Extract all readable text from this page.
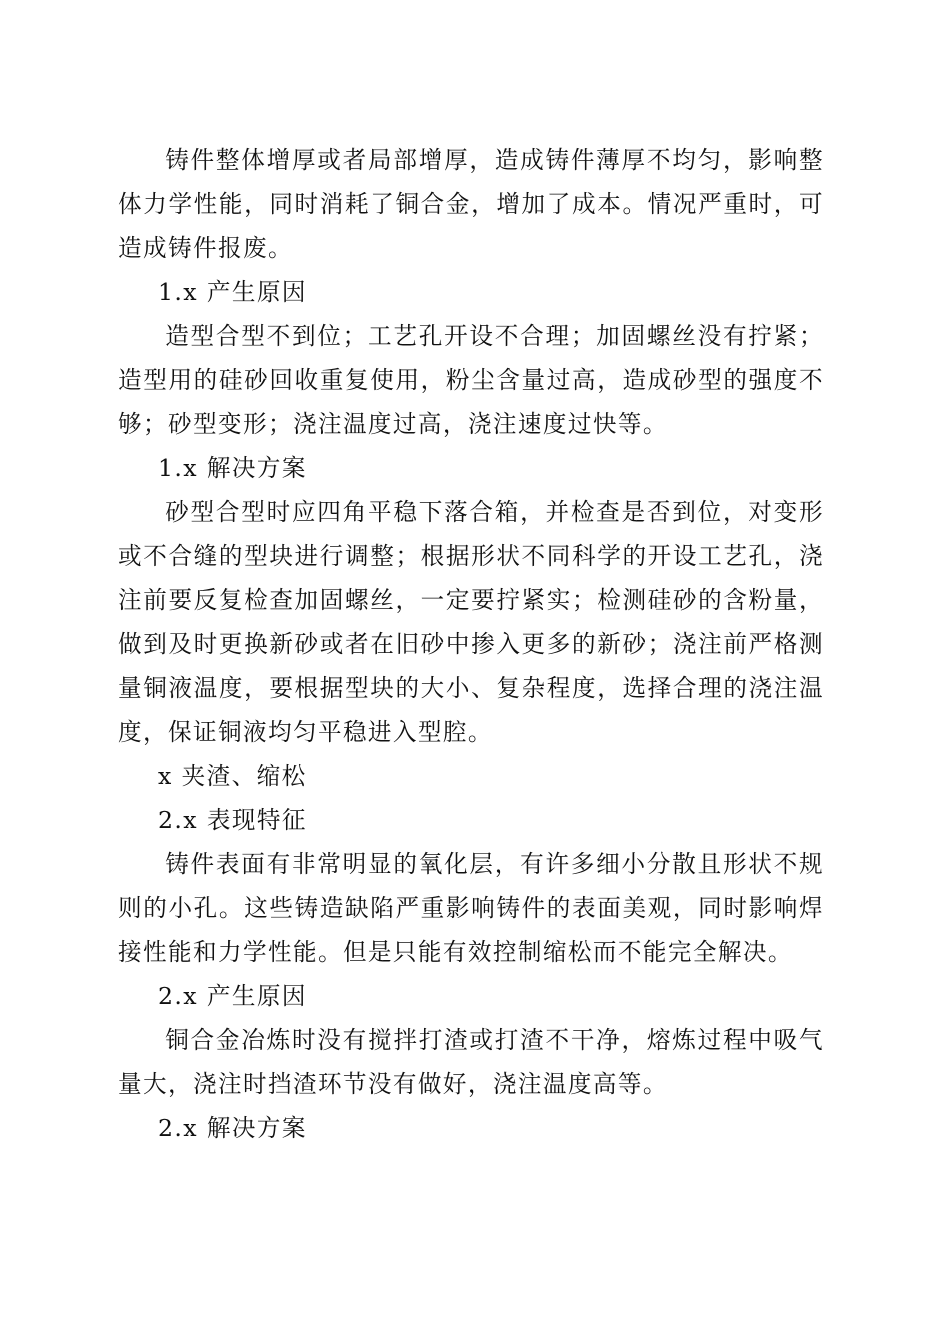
铸件整体增厚或者局部增厚，造成铸件薄厚不均匀，影响整体力学性能，同时消耗了铜合金，增加了成本。情况严重时，可造成铸件报废。

1.x 产生原因

造型合型不到位；工艺孔开设不合理；加固螺丝没有拧紧；造型用的硅砂回收重复使用，粉尘含量过高，造成砂型的强度不够；砂型变形；浇注温度过高，浇注速度过快等。

1.x 解决方案

砂型合型时应四角平稳下落合箱，并检查是否到位，对变形或不合缝的型块进行调整；根据形状不同科学的开设工艺孔，浇注前要反复检查加固螺丝，一定要拧紧实；检测硅砂的含粉量，做到及时更换新砂或者在旧砂中掺入更多的新砂；浇注前严格测量铜液温度，要根据型块的大小、复杂程度，选择合理的浇注温度，保证铜液均匀平稳进入型腔。

x 夹渣、缩松

2.x 表现特征

铸件表面有非常明显的氧化层，有许多细小分散且形状不规则的小孔。这些铸造缺陷严重影响铸件的表面美观，同时影响焊接性能和力学性能。但是只能有效控制缩松而不能完全解决。

2.x 产生原因

铜合金冶炼时没有搅拌打渣或打渣不干净，熔炼过程中吸气量大，浇注时挡渣环节没有做好，浇注温度高等。

2.x 解决方案
